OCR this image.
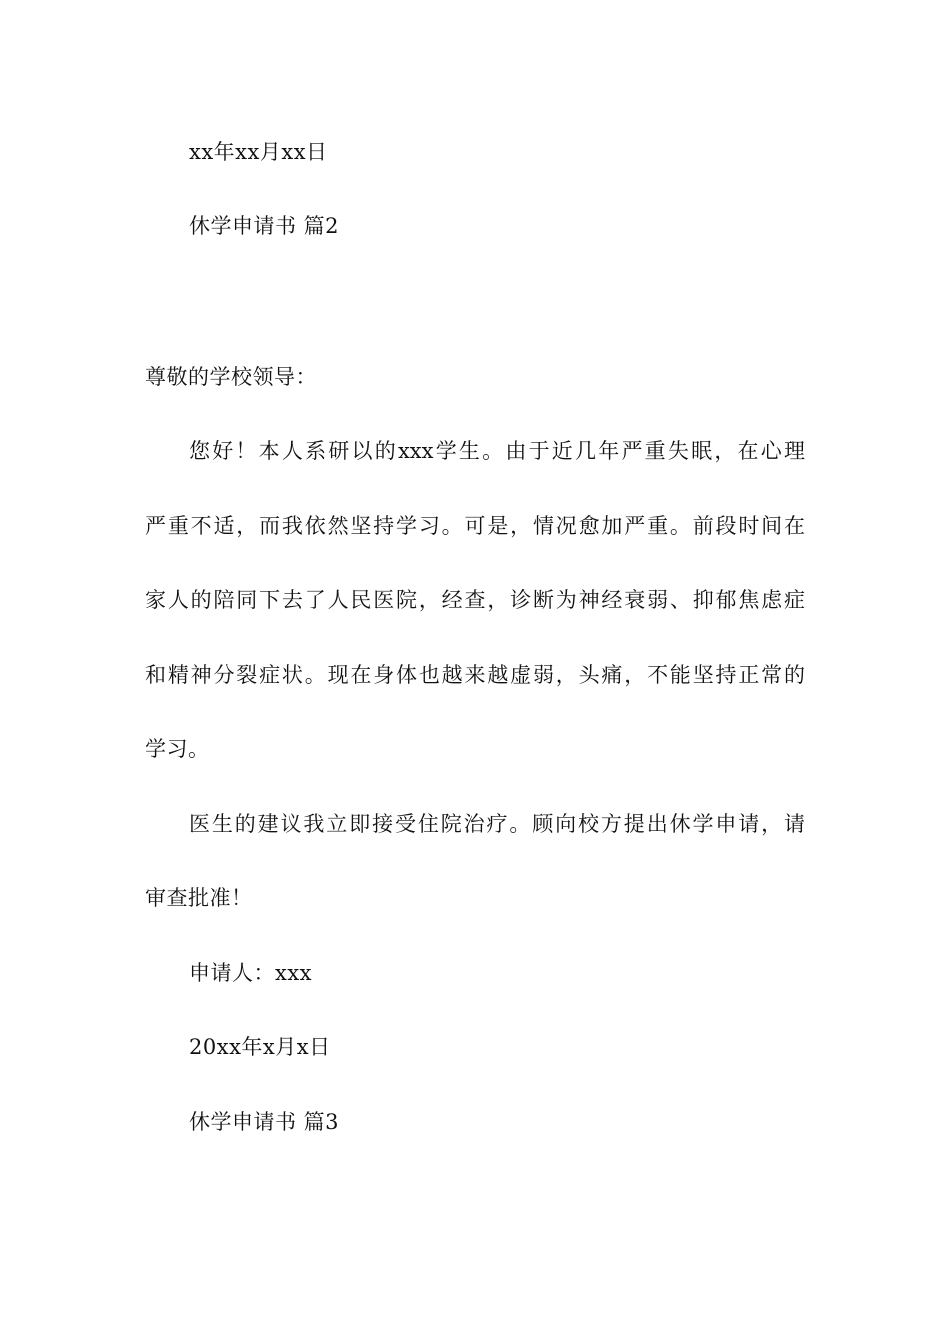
xx年xx月xx日
休学申请书 篇2
尊敬的学校领导：
您好！本人系研以的xxx学生。由于近几年严重失眠，在心理
严重不适，而我依然坚持学习。可是，情况愈加严重。前段时间在
家人的陪同下去了人民医院，经查，诊断为神经衰弱、抑郁焦虑症
和精神分裂症状。现在身体也越来越虚弱，头痛，不能坚持正常的
学习。
医生的建议我立即接受住院治疗。顾向校方提出休学申请，请
审查批准！
申请人：xxx
20xx年x月x日
休学申请书 篇3
